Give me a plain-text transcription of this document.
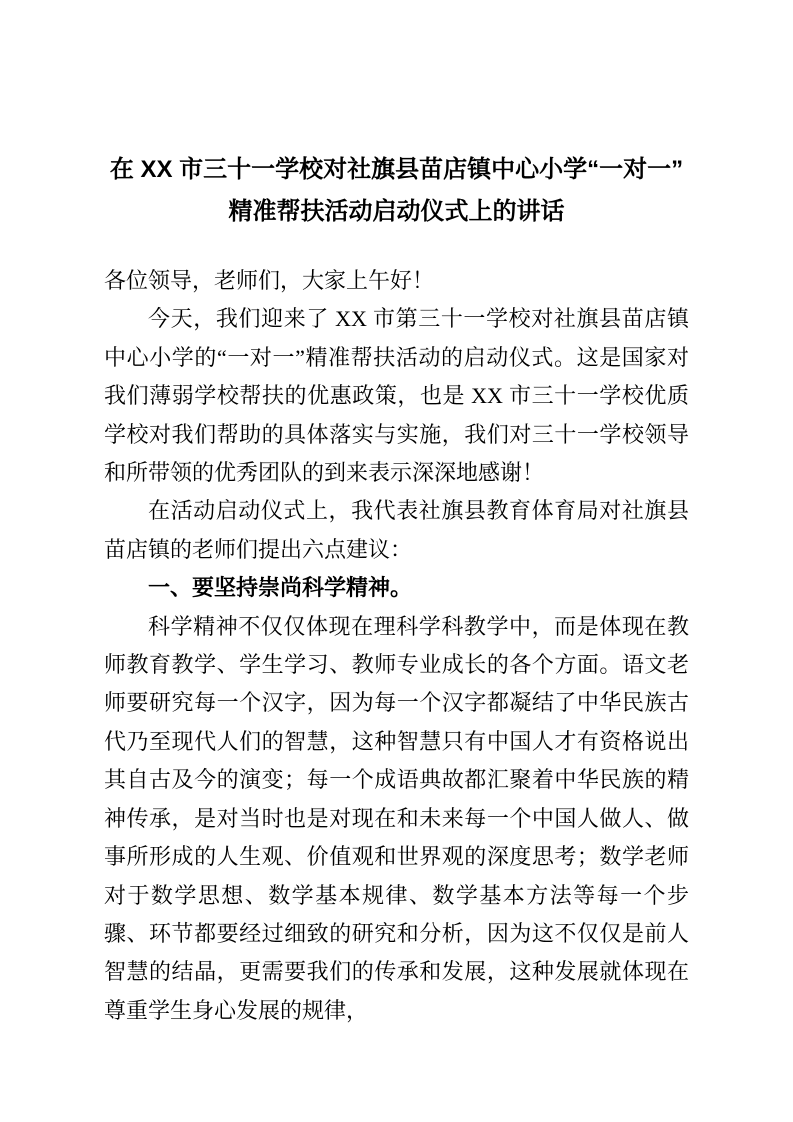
在 XX 市三十一学校对社旗县苗店镇中心小学“一对一”
精准帮扶活动启动仪式上的讲话

各位领导，老师们，大家上午好！

今天，我们迎来了 XX 市第三十一学校对社旗县苗店镇中心小学的“一对一”精准帮扶活动的启动仪式。这是国家对我们薄弱学校帮扶的优惠政策，也是 XX 市三十一学校优质学校对我们帮助的具体落实与实施，我们对三十一学校领导和所带领的优秀团队的到来表示深深地感谢！

在活动启动仪式上，我代表社旗县教育体育局对社旗县苗店镇的老师们提出六点建议：

一、要坚持崇尚科学精神。

科学精神不仅仅体现在理科学科教学中，而是体现在教师教育教学、学生学习、教师专业成长的各个方面。语文老师要研究每一个汉字，因为每一个汉字都凝结了中华民族古代乃至现代人们的智慧，这种智慧只有中国人才有资格说出其自古及今的演变；每一个成语典故都汇聚着中华民族的精神传承，是对当时也是对现在和未来每一个中国人做人、做事所形成的人生观、价值观和世界观的深度思考；数学老师对于数学思想、数学基本规律、数学基本方法等每一个步骤、环节都要经过细致的研究和分析，因为这不仅仅是前人智慧的结晶，更需要我们的传承和发展，这种发展就体现在尊重学生身心发展的规律，
